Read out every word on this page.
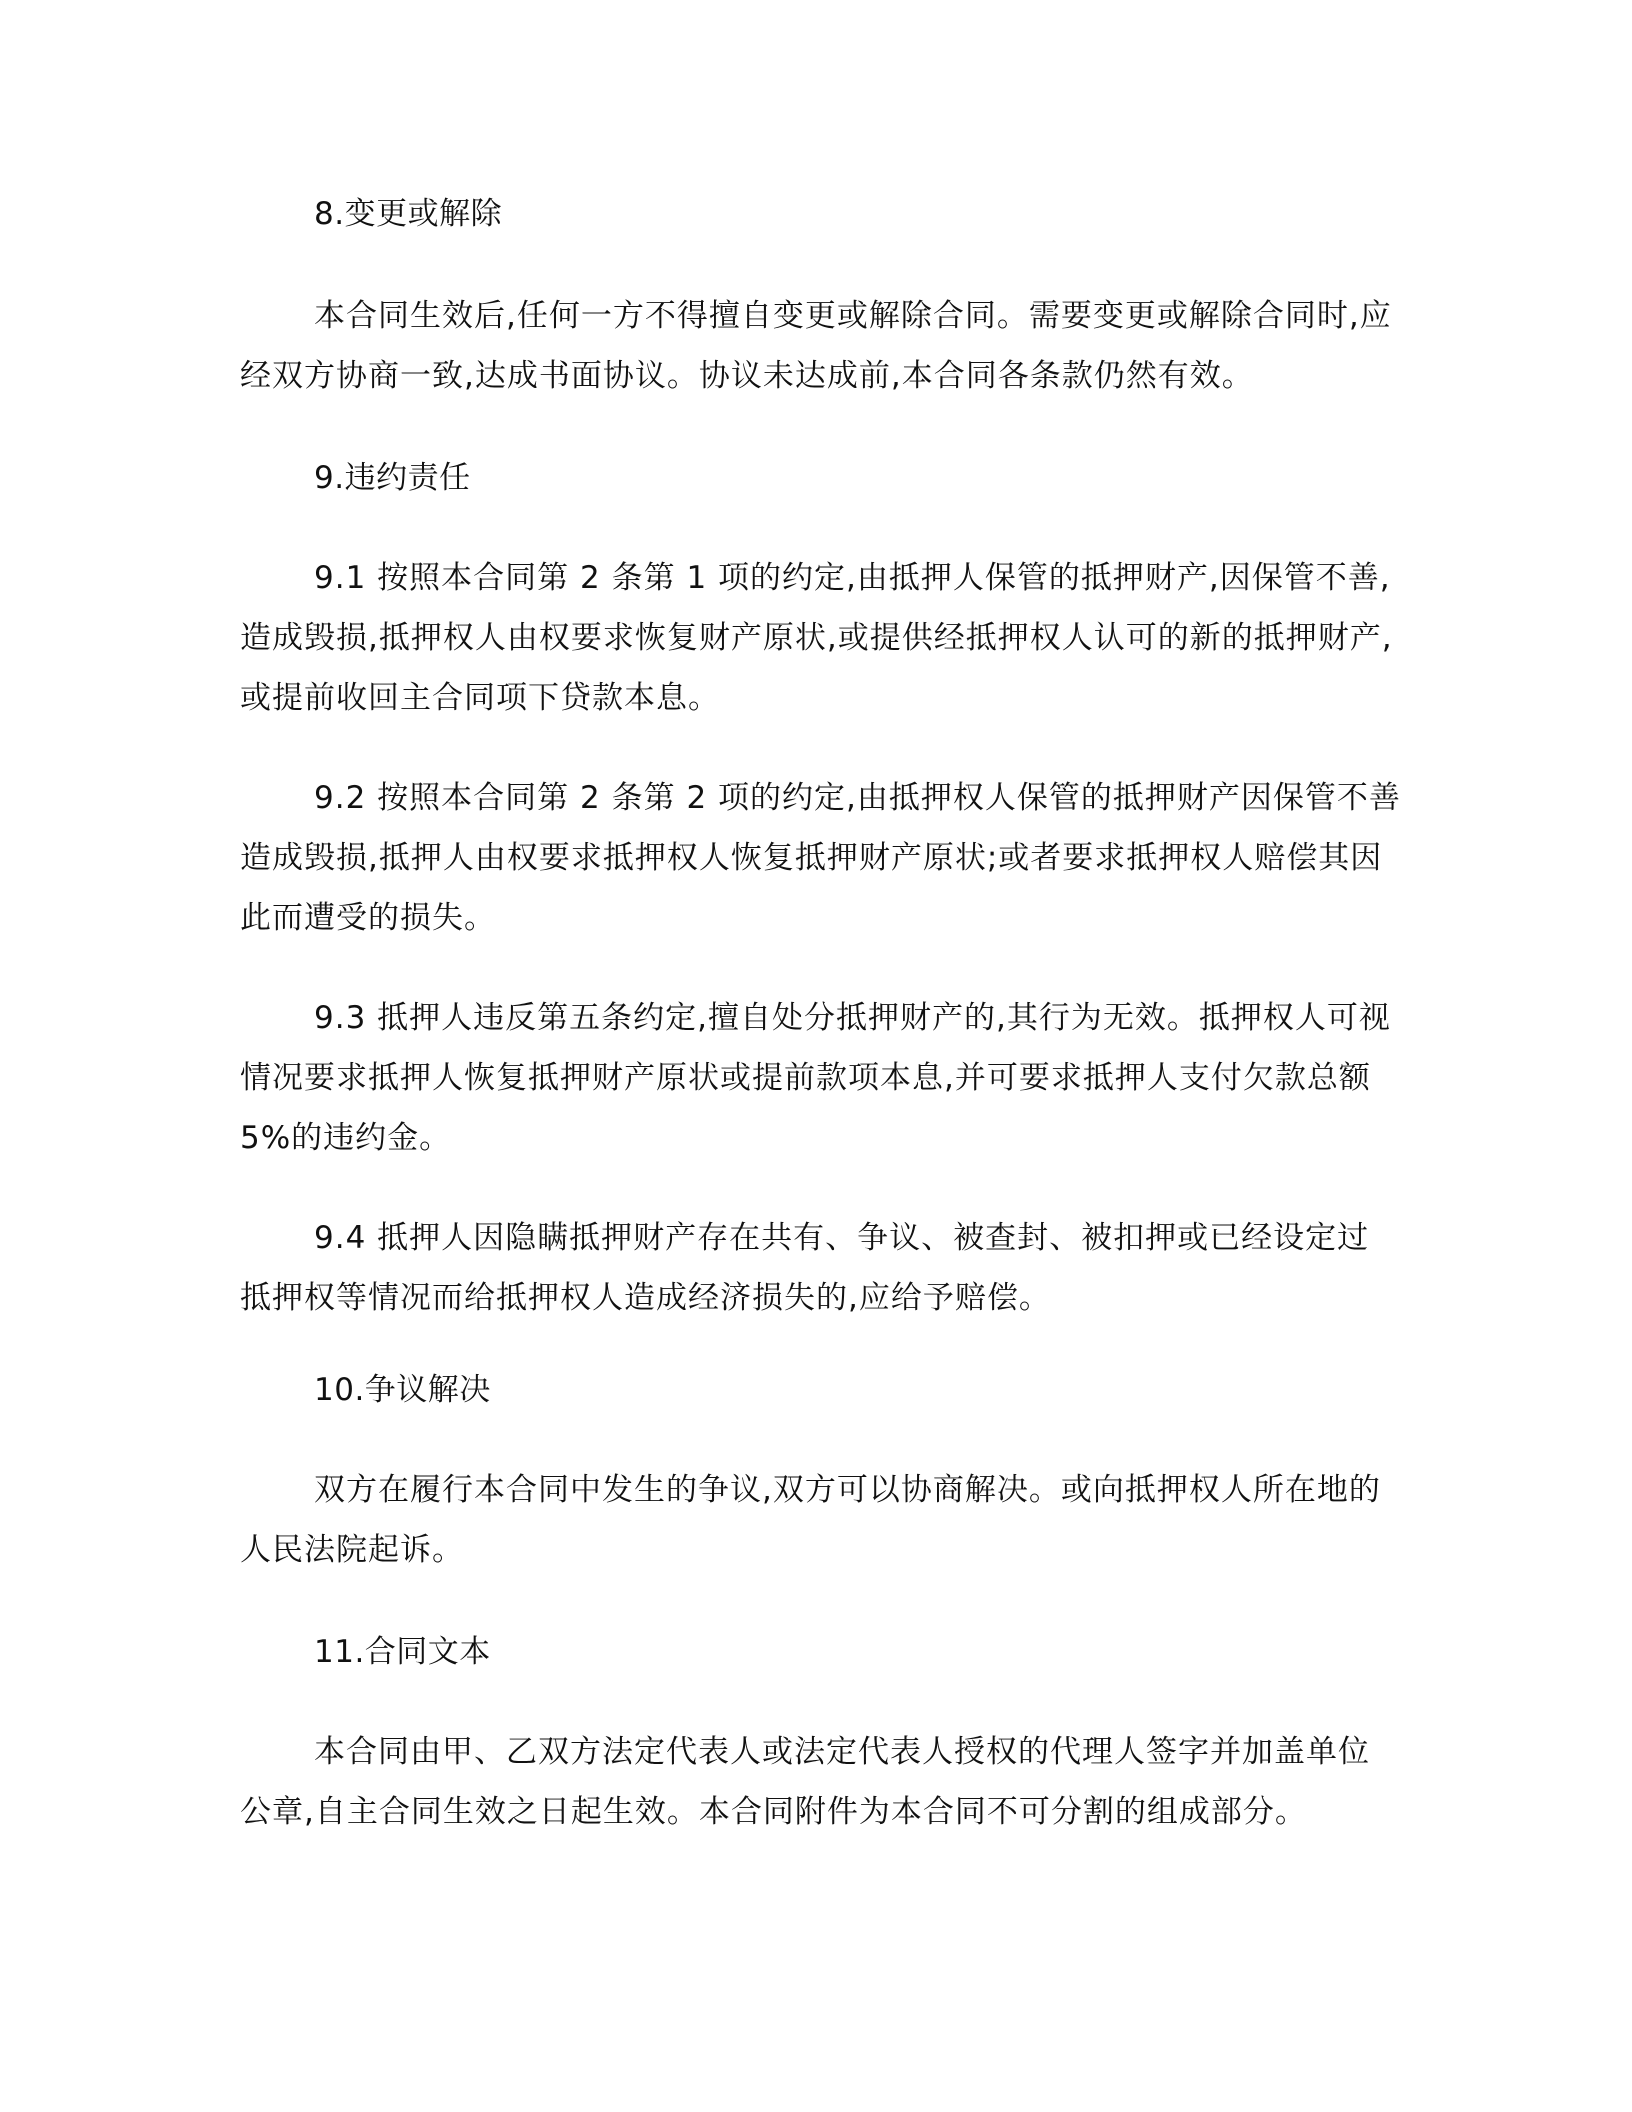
8.变更或解除

本合同生效后,任何一方不得擅自变更或解除合同。需要变更或解除合同时,应
经双方协商一致,达成书面协议。协议未达成前,本合同各条款仍然有效。

9.违约责任

9.1 按照本合同第 2 条第 1 项的约定,由抵押人保管的抵押财产,因保管不善,
造成毁损,抵押权人由权要求恢复财产原状,或提供经抵押权人认可的新的抵押财产,
或提前收回主合同项下贷款本息。

9.2 按照本合同第 2 条第 2 项的约定,由抵押权人保管的抵押财产因保管不善
造成毁损,抵押人由权要求抵押权人恢复抵押财产原状;或者要求抵押权人赔偿其因
此而遭受的损失。

9.3 抵押人违反第五条约定,擅自处分抵押财产的,其行为无效。抵押权人可视
情况要求抵押人恢复抵押财产原状或提前款项本息,并可要求抵押人支付欠款总额
5%的违约金。

9.4 抵押人因隐瞒抵押财产存在共有、争议、被查封、被扣押或已经设定过
抵押权等情况而给抵押权人造成经济损失的,应给予赔偿。

10.争议解决

双方在履行本合同中发生的争议,双方可以协商解决。或向抵押权人所在地的
人民法院起诉。

11.合同文本

本合同由甲、乙双方法定代表人或法定代表人授权的代理人签字并加盖单位
公章,自主合同生效之日起生效。本合同附件为本合同不可分割的组成部分。
